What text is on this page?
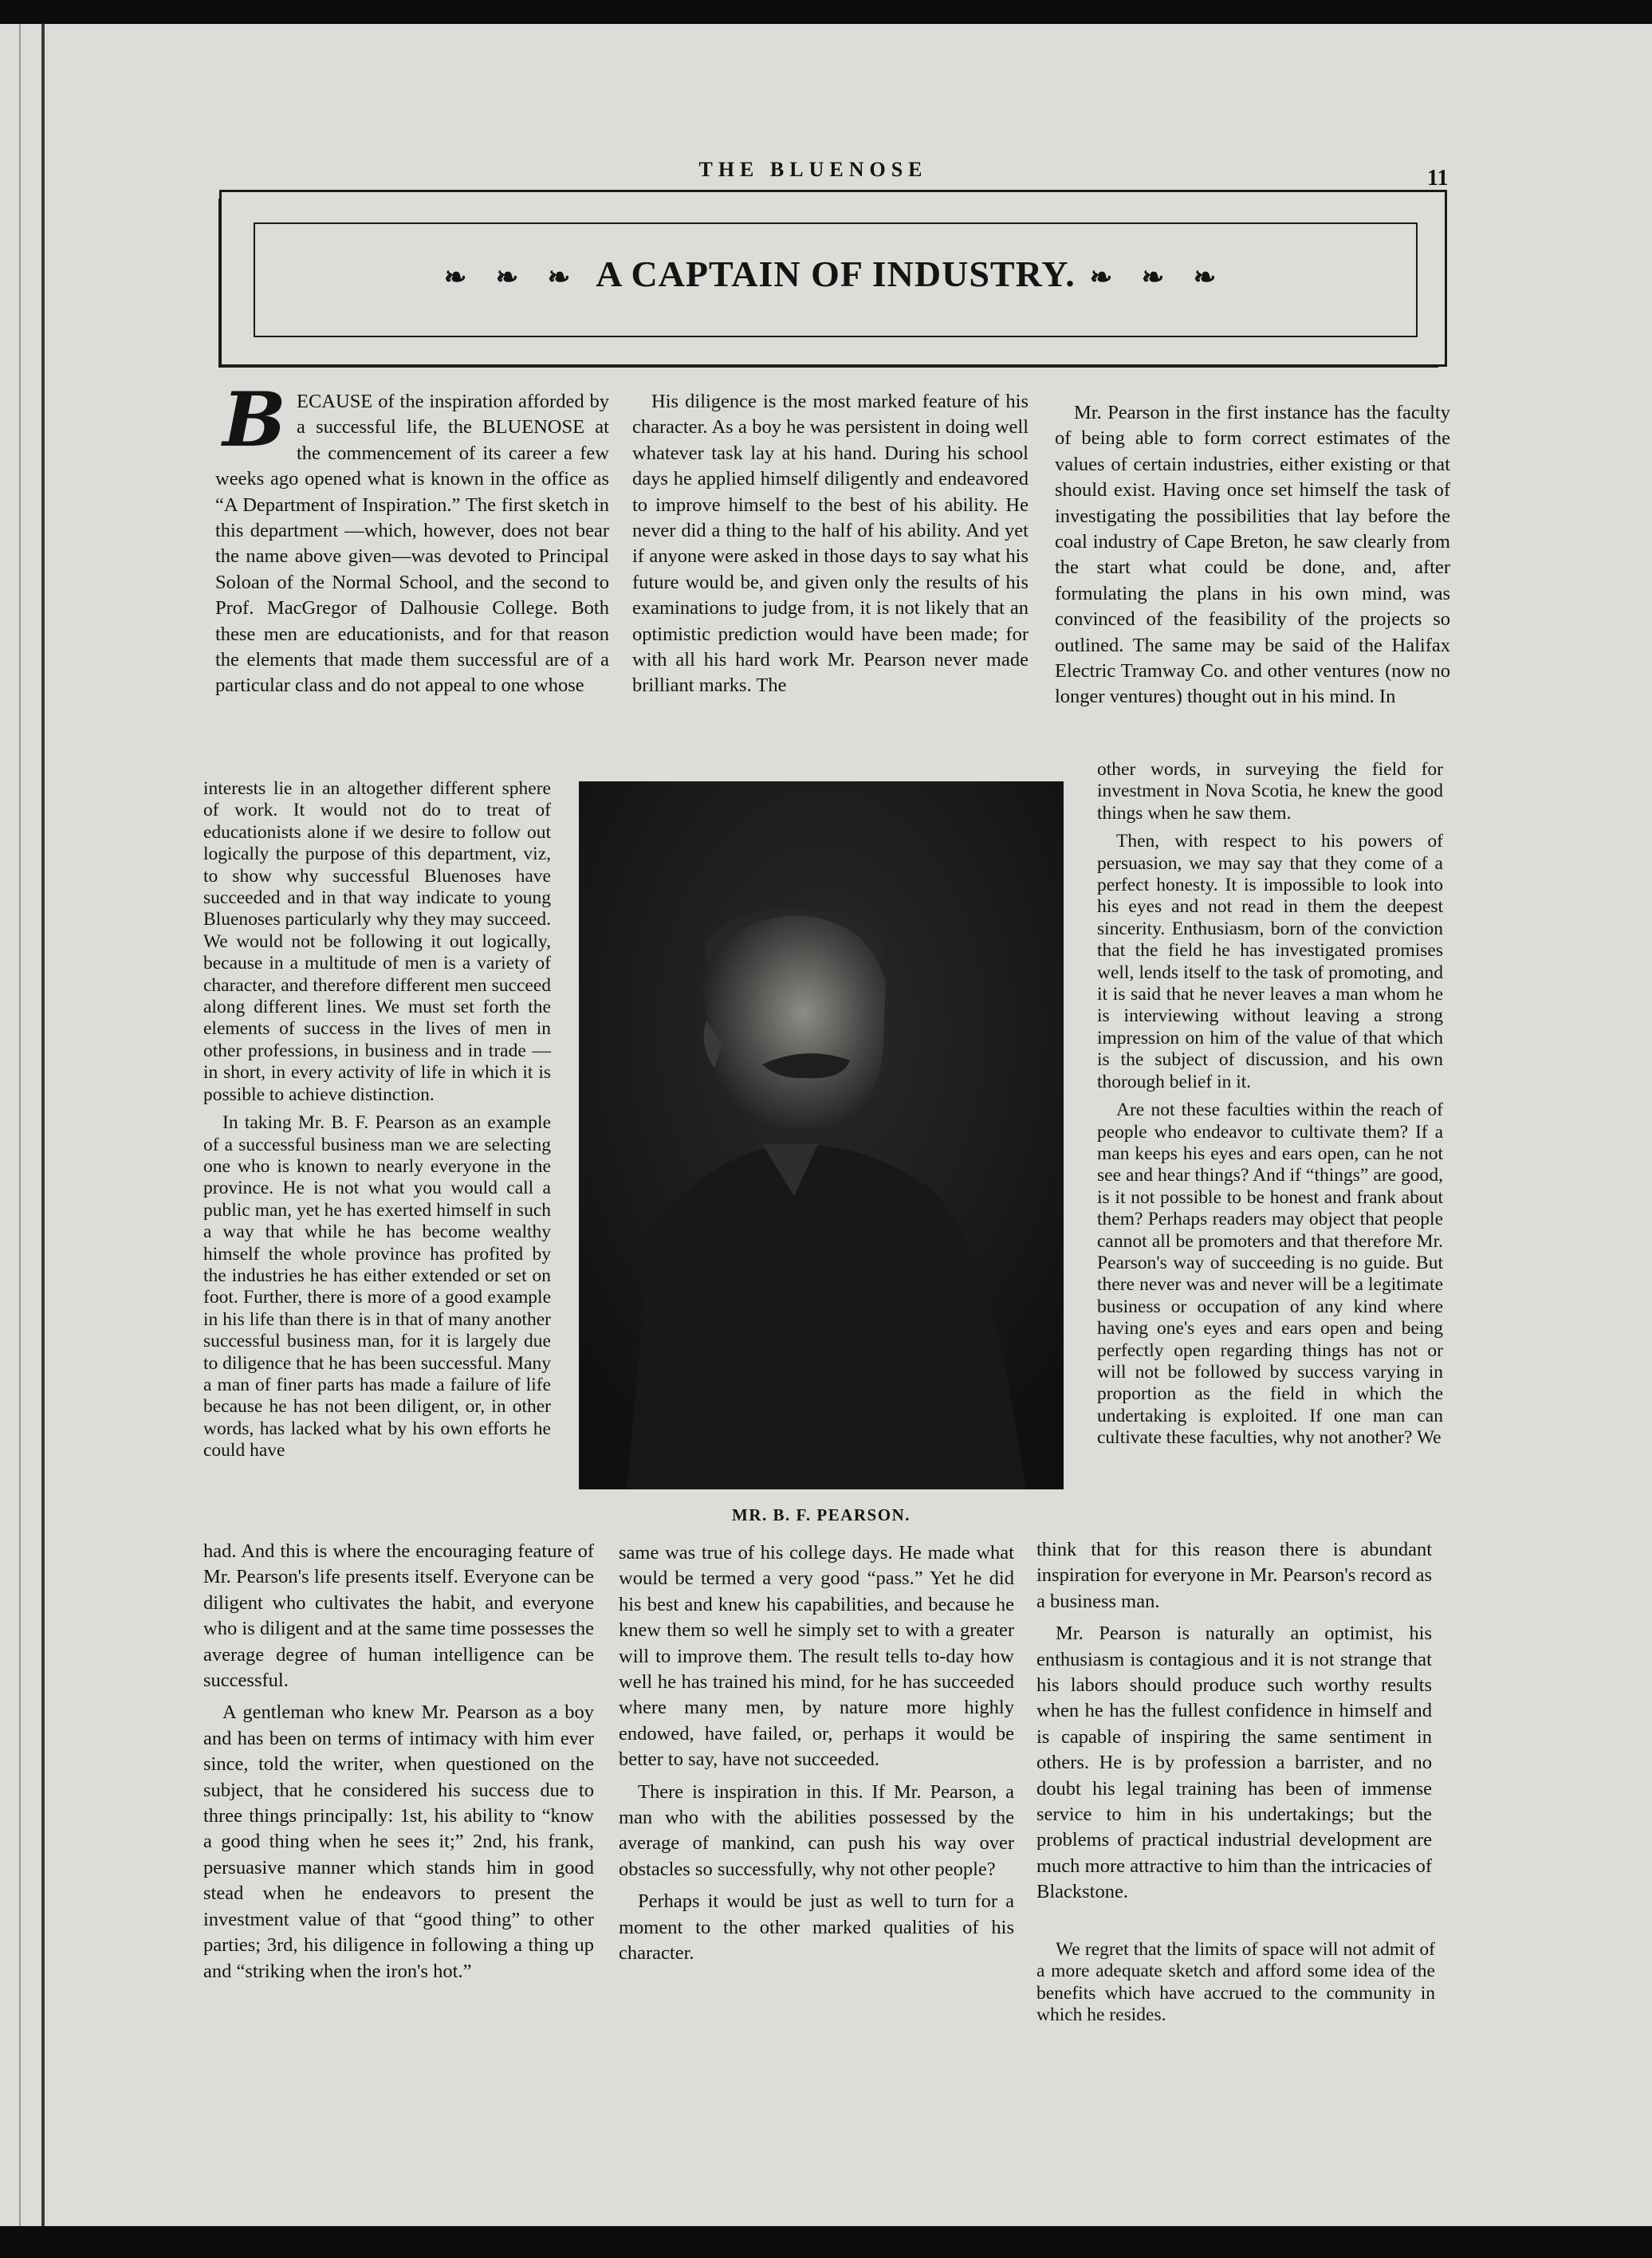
THE BLUENOSE	11
❧ ❧ ❧ A CAPTAIN OF INDUSTRY. ❧ ❧ ❧
B ECAUSE of the inspiration afforded by a successful life, the BLUENOSE at the commencement of its career a few weeks ago opened what is known in the office as “A Department of Inspiration.” The first sketch in this department —which, however, does not bear the name above given—was devoted to Principal Soloan of the Normal School, and the second to Prof. MacGregor of Dalhousie College. Both these men are educationists, and for that reason the elements that made them successful are of a particular class and do not appeal to one whose

interests lie in an altogether different sphere of work. It would not do to treat of educationists alone if we desire to follow out logically the purpose of this department, viz, to show why successful Bluenoses have succeeded and in that way indicate to young Bluenoses particularly why they may succeed. We would not be following it out logically, because in a multitude of men is a variety of character, and therefore different men succeed along different lines. We must set forth the elements of success in the lives of men in other professions, in business and in trade —in short, in every activity of life in which it is possible to achieve distinction.

In taking Mr. B. F. Pearson as an example of a successful business man we are selecting one who is known to nearly everyone in the province. He is not what you would call a public man, yet he has exerted himself in such a way that while he has become wealthy himself the whole province has profited by the industries he has either extended or set on foot. Further, there is more of a good example in his life than there is in that of many another successful business man, for it is largely due to diligence that he has been successful. Many a man of finer parts has made a failure of life because he has not been diligent, or, in other words, has lacked what by his own efforts he could have

had. And this is where the encouraging feature of Mr. Pearson's life presents itself. Everyone can be diligent who cultivates the habit, and everyone who is diligent and at the same time possesses the average degree of human intelligence can be successful.

A gentleman who knew Mr. Pearson as a boy and has been on terms of intimacy with him ever since, told the writer, when questioned on the subject, that he considered his success due to three things principally: 1st, his ability to “know a good thing when he sees it;” 2nd, his frank, persuasive manner which stands him in good stead when he endeavors to present the investment value of that “good thing” to other parties; 3rd, his diligence in following a thing up and “striking when the iron's hot.”

His diligence is the most marked feature of his character. As a boy he was persistent in doing well whatever task lay at his hand. During his school days he applied himself diligently and endeavored to improve himself to the best of his ability. He never did a thing to the half of his ability. And yet if anyone were asked in those days to say what his future would be, and given only the results of his examinations to judge from, it is not likely that an optimistic prediction would have been made; for with all his hard work Mr. Pearson never made brilliant marks. The

MR. B. F. PEARSON.

same was true of his college days. He made what would be termed a very good “pass.” Yet he did his best and knew his capabilities, and because he knew them so well he simply set to with a greater will to improve them. The result tells to-day how well he has trained his mind, for he has succeeded where many men, by nature more highly endowed, have failed, or, perhaps it would be better to say, have not succeeded.

There is inspiration in this. If Mr. Pearson, a man who with the abilities possessed by the average of mankind, can push his way over obstacles so successfully, why not other people?

Perhaps it would be just as well to turn for a moment to the other marked qualities of his character.

Mr. Pearson in the first instance has the faculty of being able to form correct estimates of the values of certain industries, either existing or that should exist. Having once set himself the task of investigating the possibilities that lay before the coal industry of Cape Breton, he saw clearly from the start what could be done, and, after formulating the plans in his own mind, was convinced of the feasibility of the projects so outlined. The same may be said of the Halifax Electric Tramway Co. and other ventures (now no longer ventures) thought out in his mind. In

other words, in surveying the field for investment in Nova Scotia, he knew the good things when he saw them.

Then, with respect to his powers of persuasion, we may say that they come of a perfect honesty. It is impossible to look into his eyes and not read in them the deepest sincerity. Enthusiasm, born of the conviction that the field he has investigated promises well, lends itself to the task of promoting, and it is said that he never leaves a man whom he is interviewing without leaving a strong impression on him of the value of that which is the subject of discussion, and his own thorough belief in it.

Are not these faculties within the reach of people who endeavor to cultivate them? If a man keeps his eyes and ears open, can he not see and hear things? And if “things” are good, is it not possible to be honest and frank about them? Perhaps readers may object that people cannot all be promoters and that therefore Mr. Pearson's way of succeeding is no guide. But there never was and never will be a legitimate business or occupation of any kind where having one's eyes and ears open and being perfectly open regarding things has not or will not be followed by success varying in proportion as the field in which the undertaking is exploited. If one man can cultivate these faculties, why not another? We

think that for this reason there is abundant inspiration for everyone in Mr. Pearson's record as a business man.

Mr. Pearson is naturally an optimist, his enthusiasm is contagious and it is not strange that his labors should produce such worthy results when he has the fullest confidence in himself and is capable of inspiring the same sentiment in others. He is by profession a barrister, and no doubt his legal training has been of immense service to him in his undertakings; but the problems of practical industrial development are much more attractive to him than the intricacies of Blackstone.

We regret that the limits of space will not admit of a more adequate sketch and afford some idea of the benefits which have accrued to the community in which he resides.
